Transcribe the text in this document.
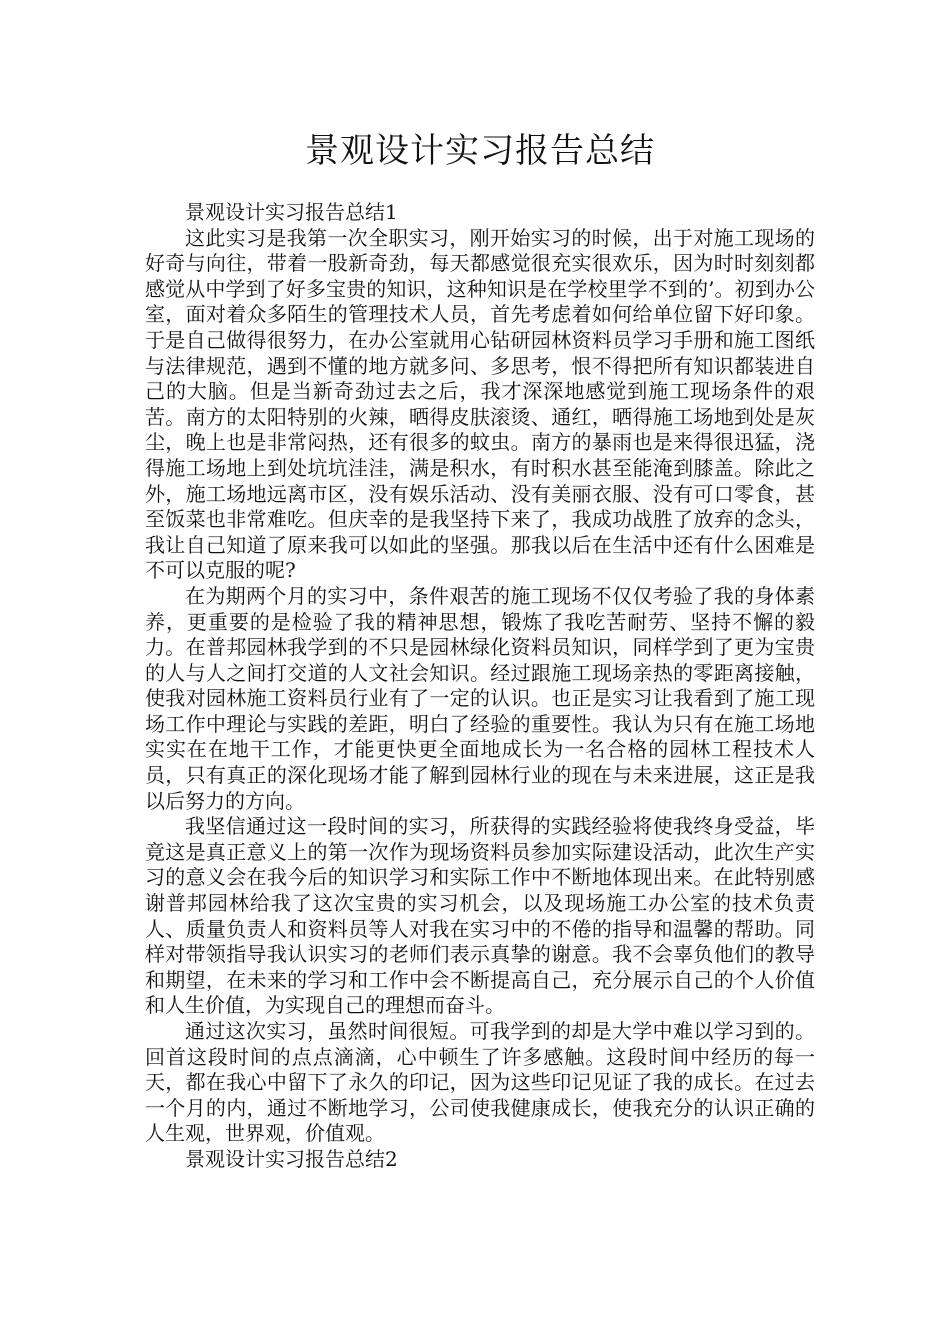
景观设计实习报告总结

景观设计实习报告总结1

这此实习是我第一次全职实习，刚开始实习的时候，出于对施工现场的好奇与向往，带着一股新奇劲，每天都感觉很充实很欢乐，因为时时刻刻都感觉从中学到了好多宝贵的知识，这种知识是在学校里学不到的’。初到办公室，面对着众多陌生的管理技术人员，首先考虑着如何给单位留下好印象。于是自己做得很努力，在办公室就用心钻研园林资料员学习手册和施工图纸与法律规范，遇到不懂的地方就多问、多思考，恨不得把所有知识都装进自己的大脑。但是当新奇劲过去之后，我才深深地感觉到施工现场条件的艰苦。南方的太阳特别的火辣，晒得皮肤滚烫、通红，晒得施工场地到处是灰尘，晚上也是非常闷热，还有很多的蚊虫。南方的暴雨也是来得很迅猛，浇得施工场地上到处坑坑洼洼，满是积水，有时积水甚至能淹到膝盖。除此之外，施工场地远离市区，没有娱乐活动、没有美丽衣服、没有可口零食，甚至饭菜也非常难吃。但庆幸的是我坚持下来了，我成功战胜了放弃的念头，我让自己知道了原来我可以如此的坚强。那我以后在生活中还有什么困难是不可以克服的呢?

在为期两个月的实习中，条件艰苦的施工现场不仅仅考验了我的身体素养，更重要的是检验了我的精神思想，锻炼了我吃苦耐劳、坚持不懈的毅力。在普邦园林我学到的不只是园林绿化资料员知识，同样学到了更为宝贵的人与人之间打交道的人文社会知识。经过跟施工现场亲热的零距离接触，使我对园林施工资料员行业有了一定的认识。也正是实习让我看到了施工现场工作中理论与实践的差距，明白了经验的重要性。我认为只有在施工场地实实在在地干工作，才能更快更全面地成长为一名合格的园林工程技术人员，只有真正的深化现场才能了解到园林行业的现在与未来进展，这正是我以后努力的方向。

我坚信通过这一段时间的实习，所获得的实践经验将使我终身受益，毕竟这是真正意义上的第一次作为现场资料员参加实际建设活动，此次生产实习的意义会在我今后的知识学习和实际工作中不断地体现出来。在此特别感谢普邦园林给我了这次宝贵的实习机会，以及现场施工办公室的技术负责人、质量负责人和资料员等人对我在实习中的不倦的指导和温馨的帮助。同样对带领指导我认识实习的老师们表示真挚的谢意。我不会辜负他们的教导和期望，在未来的学习和工作中会不断提高自己，充分展示自己的个人价值和人生价值，为实现自己的理想而奋斗。

通过这次实习，虽然时间很短。可我学到的却是大学中难以学习到的。回首这段时间的点点滴滴，心中顿生了许多感触。这段时间中经历的每一天，都在我心中留下了永久的印记，因为这些印记见证了我的成长。在过去一个月的内，通过不断地学习，公司使我健康成长，使我充分的认识正确的人生观，世界观，价值观。

景观设计实习报告总结2
